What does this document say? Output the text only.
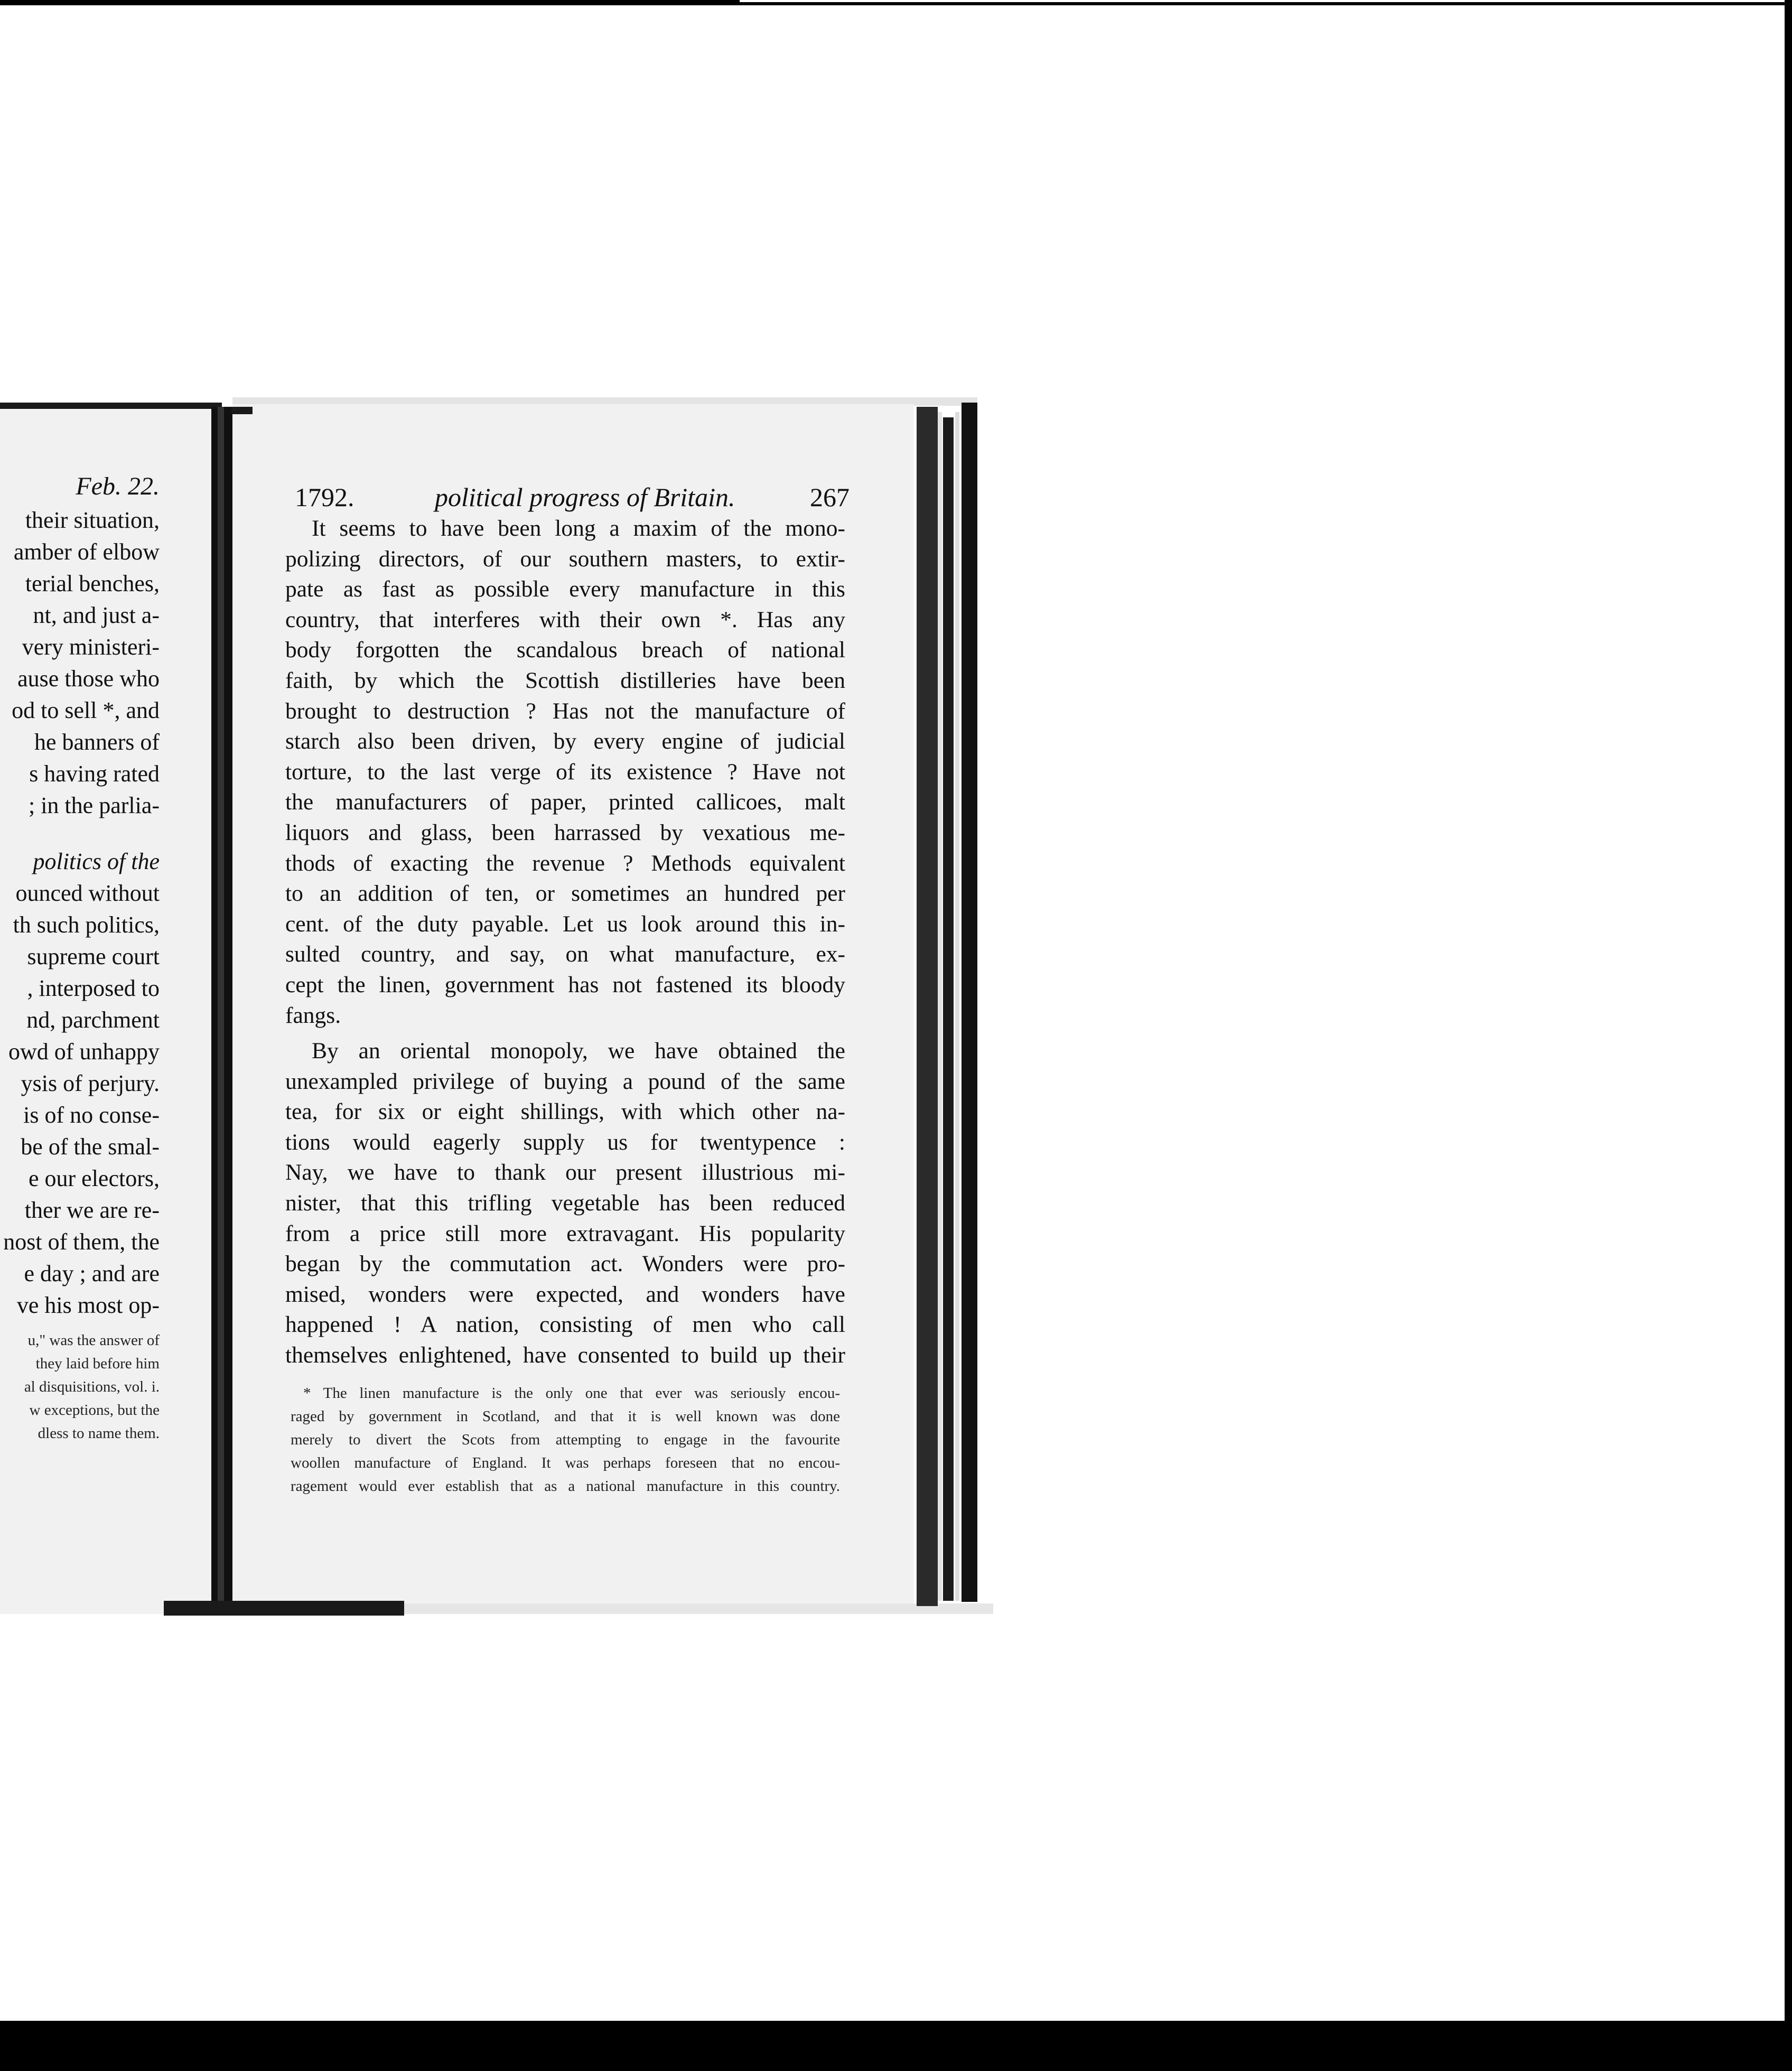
Feb. 22.
their situation,
amber of elbow
terial benches,
nt, and just a-
very ministeri-
ause those who
od to sell *, and
he banners of
s having rated
; in the parlia-
politics of the
ounced without
th such politics,
supreme court
, interposed to
nd, parchment
owd of unhappy
ysis of perjury.
is of no conse-
be of the smal-
e our electors,
ther we are re-
nost of them, the
e day ; and are
ve his most op-
u," was the answer of
they laid before him
al disquisitions, vol. i.
w exceptions, but the
dless to name them.
1792.	political progress of Britain.	267
It seems to have been long a maxim of the mono-
polizing directors, of our southern masters, to extir-
pate as fast as possible every manufacture in this
country, that interferes with their own *. Has any
body forgotten the scandalous breach of national
faith, by which the Scottish distilleries have been
brought to destruction ? Has not the manufacture of
starch also been driven, by every engine of judicial
torture, to the last verge of its existence ? Have not
the manufacturers of paper, printed callicoes, malt
liquors and glass, been harrassed by vexatious me-
thods of exacting the revenue ? Methods equivalent
to an addition of ten, or sometimes an hundred per
cent. of the duty payable. Let us look around this in-
sulted country, and say, on what manufacture, ex-
cept the linen, government has not fastened its bloody
fangs.
By an oriental monopoly, we have obtained the
unexampled privilege of buying a pound of the same
tea, for six or eight shillings, with which other na-
tions would eagerly supply us for twentypence :
Nay, we have to thank our present illustrious mi-
nister, that this trifling vegetable has been reduced
from a price still more extravagant. His popularity
began by the commutation act. Wonders were pro-
mised, wonders were expected, and wonders have
happened ! A nation, consisting of men who call
themselves enlightened, have consented to build up their
* The linen manufacture is the only one that ever was seriously encou-
raged by government in Scotland, and that it is well known was done
merely to divert the Scots from attempting to engage in the favourite
woollen manufacture of England. It was perhaps foreseen that no encou-
ragement would ever establish that as a national manufacture in this country.
